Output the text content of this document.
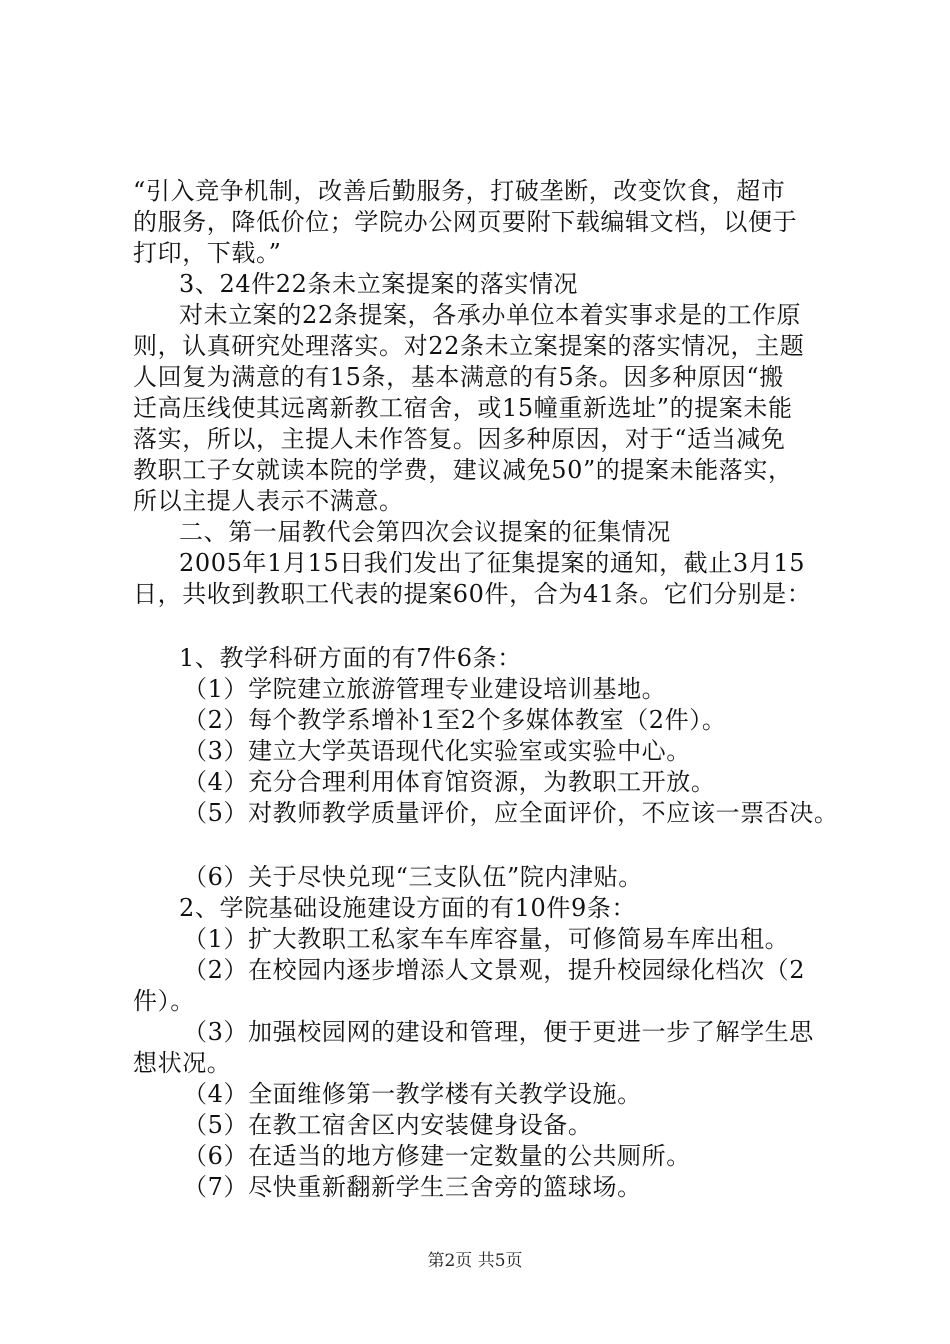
“引入竞争机制，改善后勤服务，打破垄断，改变饮食，超市
的服务，降低价位；学院办公网页要附下载编辑文档，以便于
打印，下载。”
3、24件22条未立案提案的落实情况
对未立案的22条提案，各承办单位本着实事求是的工作原
则，认真研究处理落实。对22条未立案提案的落实情况，主题
人回复为满意的有15条，基本满意的有5条。因多种原因“搬
迁高压线使其远离新教工宿舍，或15幢重新选址”的提案未能
落实，所以，主提人未作答复。因多种原因，对于“适当减免
教职工子女就读本院的学费，建议减免50”的提案未能落实，
所以主提人表示不满意。
二、第一届教代会第四次会议提案的征集情况
2005年1月15日我们发出了征集提案的通知，截止3月15
日，共收到教职工代表的提案60件，合为41条。它们分别是：
1、教学科研方面的有7件6条：
（1）学院建立旅游管理专业建设培训基地。
（2）每个教学系增补1至2个多媒体教室（2件）。
（3）建立大学英语现代化实验室或实验中心。
（4）充分合理利用体育馆资源，为教职工开放。
（5）对教师教学质量评价，应全面评价，不应该一票否决。
（6）关于尽快兑现“三支队伍”院内津贴。
2、学院基础设施建设方面的有10件9条：
（1）扩大教职工私家车车库容量，可修简易车库出租。
（2）在校园内逐步增添人文景观，提升校园绿化档次（2
件）。
（3）加强校园网的建设和管理，便于更进一步了解学生思
想状况。
（4）全面维修第一教学楼有关教学设施。
（5）在教工宿舍区内安装健身设备。
（6）在适当的地方修建一定数量的公共厕所。
（7）尽快重新翻新学生三舍旁的篮球场。
第2页 共5页
